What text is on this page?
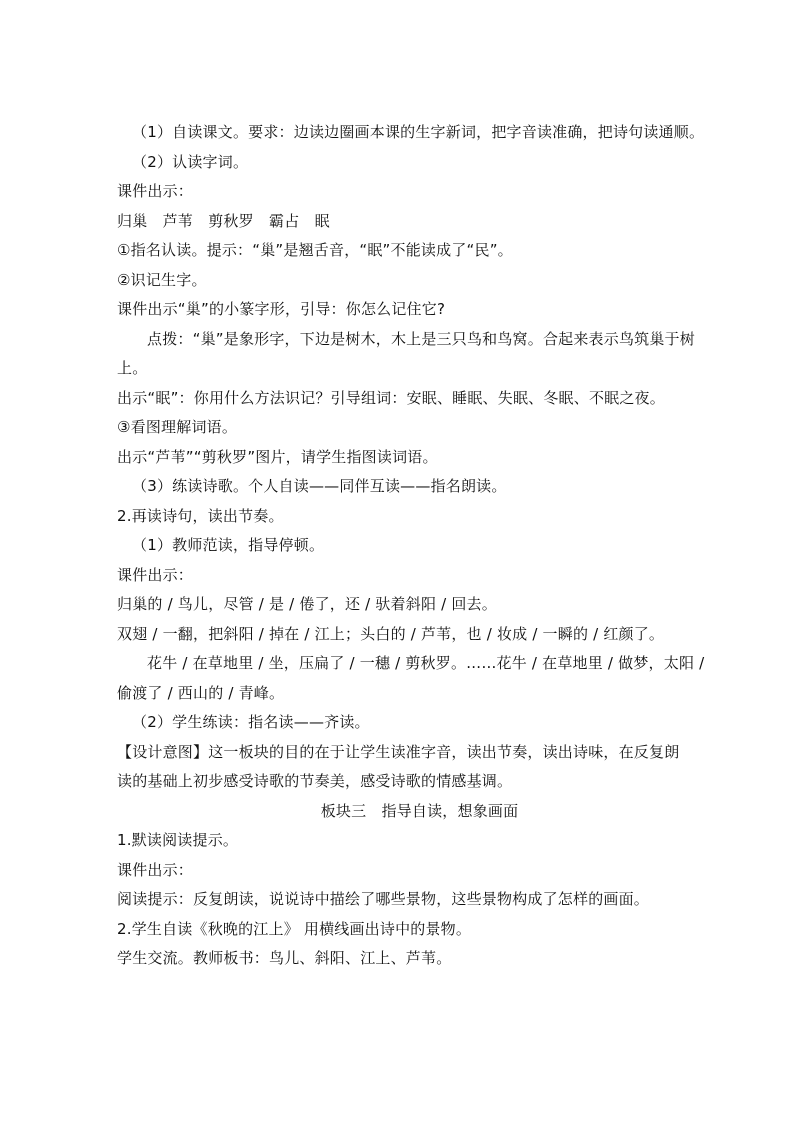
（1）自读课文。要求：边读边圈画本课的生字新词，把字音读准确，把诗句读通顺。
（2）认读字词。
课件出示：
归巢　芦苇　剪秋罗　霸占　眠
①指名认读。提示：“巢”是翘舌音，“眠”不能读成了“民”。
②识记生字。
课件出示“巢”的小篆字形，引导：你怎么记住它?
点拨：“巢”是象形字，下边是树木，木上是三只鸟和鸟窝。合起来表示鸟筑巢于树
上。
出示“眠”：你用什么方法识记？引导组词：安眠、睡眠、失眠、冬眠、不眠之夜。
③看图理解词语。
出示“芦苇”“剪秋罗”图片，请学生指图读词语。
（3）练读诗歌。个人自读——同伴互读——指名朗读。
2.再读诗句，读出节奏。
（1）教师范读，指导停顿。
课件出示：
归巢的 / 鸟儿，尽管 / 是 / 倦了，还 / 驮着斜阳 / 回去。
双翅 / 一翻，把斜阳 / 掉在 / 江上；头白的 / 芦苇，也 / 妆成 / 一瞬的 / 红颜了。
花牛 / 在草地里 / 坐，压扁了 / 一穗 / 剪秋罗。……花牛 / 在草地里 / 做梦，太阳 /
偷渡了 / 西山的 / 青峰。
（2）学生练读：指名读——齐读。
【设计意图】这一板块的目的在于让学生读准字音，读出节奏，读出诗味，在反复朗
读的基础上初步感受诗歌的节奏美，感受诗歌的情感基调。
板块三　指导自读，想象画面
1.默读阅读提示。
课件出示：
阅读提示：反复朗读，说说诗中描绘了哪些景物，这些景物构成了怎样的画面。
2.学生自读《秋晚的江上》 用横线画出诗中的景物。
学生交流。教师板书：鸟儿、斜阳、江上、芦苇。
